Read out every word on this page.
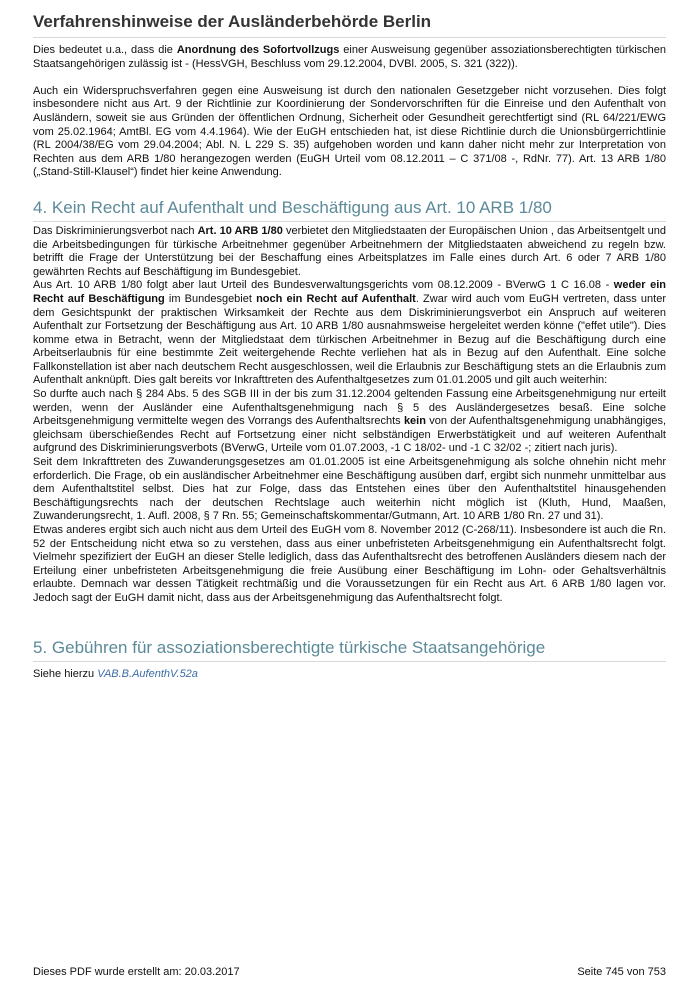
Verfahrenshinweise der Ausländerbehörde Berlin

Dies bedeutet u.a., dass die Anordnung des Sofortvollzugs einer Ausweisung gegenüber assoziationsberechtigten türkischen Staatsangehörigen zulässig ist - (HessVGH, Beschluss vom 29.12.2004, DVBl. 2005, S. 321 (322)).

Auch ein Widerspruchsverfahren gegen eine Ausweisung ist durch den nationalen Gesetzgeber nicht vorzusehen. Dies folgt insbesondere nicht aus Art. 9 der Richtlinie zur Koordinierung der Sondervorschriften für die Einreise und den Aufenthalt von Ausländern, soweit sie aus Gründen der öffentlichen Ordnung, Sicherheit oder Gesundheit gerechtfertigt sind (RL 64/221/EWG vom 25.02.1964; AmtBl. EG vom 4.4.1964). Wie der EuGH entschieden hat, ist diese Richtlinie durch die Unionsbürgerrichtlinie (RL 2004/38/EG vom 29.04.2004; Abl. N. L 229 S. 35) aufgehoben worden und kann daher nicht mehr zur Interpretation von Rechten aus dem ARB 1/80 herangezogen werden (EuGH Urteil vom 08.12.2011 – C 371/08 -, RdNr. 77). Art. 13 ARB 1/80 („Stand-Still-Klausel“) findet hier keine Anwendung.

4. Kein Recht auf Aufenthalt und Beschäftigung aus Art. 10 ARB 1/80

Das Diskriminierungsverbot nach Art. 10 ARB 1/80 verbietet den Mitgliedstaaten der Europäischen Union , das Arbeitsentgelt und die Arbeitsbedingungen für türkische Arbeitnehmer gegenüber Arbeitnehmern der Mitgliedstaaten abweichend zu regeln bzw. betrifft die Frage der Unterstützung bei der Beschaffung eines Arbeitsplatzes im Falle eines durch Art. 6 oder 7 ARB 1/80 gewährten Rechts auf Beschäftigung im Bundesgebiet.

Aus Art. 10 ARB 1/80 folgt aber laut Urteil des Bundesverwaltungsgerichts vom 08.12.2009 - BVerwG 1 C 16.08 - weder ein Recht auf Beschäftigung im Bundesgebiet noch ein Recht auf Aufenthalt. Zwar wird auch vom EuGH vertreten, dass unter dem Gesichtspunkt der praktischen Wirksamkeit der Rechte aus dem Diskriminierungsverbot ein Anspruch auf weiteren Aufenthalt zur Fortsetzung der Beschäftigung aus Art. 10 ARB 1/80 ausnahmsweise hergeleitet werden könne ("effet utile"). Dies komme etwa in Betracht, wenn der Mitgliedstaat dem türkischen Arbeitnehmer in Bezug auf die Beschäftigung durch eine Arbeitserlaubnis für eine bestimmte Zeit weitergehende Rechte verliehen hat als in Bezug auf den Aufenthalt. Eine solche Fallkonstellation ist aber nach deutschem Recht ausgeschlossen, weil die Erlaubnis zur Beschäftigung stets an die Erlaubnis zum Aufenthalt anknüpft. Dies galt bereits vor Inkrafttreten des Aufenthaltgesetzes zum 01.01.2005 und gilt auch weiterhin:

So durfte auch nach § 284 Abs. 5 des SGB III in der bis zum 31.12.2004 geltenden Fassung eine Arbeitsgenehmigung nur erteilt werden, wenn der Ausländer eine Aufenthaltsgenehmigung nach § 5 des Ausländergesetzes besaß. Eine solche Arbeitsgenehmigung vermittelte wegen des Vorrangs des Aufenthaltsrechts kein von der Aufenthaltsgenehmigung unabhängiges, gleichsam überschießendes Recht auf Fortsetzung einer nicht selbständigen Erwerbstätigkeit und auf weiteren Aufenthalt aufgrund des Diskriminierungsverbots (BVerwG, Urteile vom 01.07.2003, -1 C 18/02- und -1 C 32/02 -; zitiert nach juris).

Seit dem Inkrafttreten des Zuwanderungsgesetzes am 01.01.2005 ist eine Arbeitsgenehmigung als solche ohnehin nicht mehr erforderlich. Die Frage, ob ein ausländischer Arbeitnehmer eine Beschäftigung ausüben darf, ergibt sich nunmehr unmittelbar aus dem Aufenthaltstitel selbst. Dies hat zur Folge, dass das Entstehen eines über den Aufenthaltstitel hinausgehenden Beschäftigungsrechts nach der deutschen Rechtslage auch weiterhin nicht möglich ist (Kluth, Hund, Maaßen, Zuwanderungsrecht, 1. Aufl. 2008, § 7 Rn. 55; Gemeinschaftskommentar/Gutmann, Art. 10 ARB 1/80 Rn. 27 und 31).

Etwas anderes ergibt sich auch nicht aus dem Urteil des EuGH vom 8. November 2012 (C-268/11). Insbesondere ist auch die Rn. 52 der Entscheidung nicht etwa so zu verstehen, dass aus einer unbefristeten Arbeitsgenehmigung ein Aufenthaltsrecht folgt. Vielmehr spezifiziert der EuGH an dieser Stelle lediglich, dass das Aufenthaltsrecht des betroffenen Ausländers diesem nach der Erteilung einer unbefristeten Arbeitsgenehmigung die freie Ausübung einer Beschäftigung im Lohn- oder Gehaltsverhältnis erlaubte. Demnach war dessen Tätigkeit rechtmäßig und die Voraussetzungen für ein Recht aus Art. 6 ARB 1/80 lagen vor. Jedoch sagt der EuGH damit nicht, dass aus der Arbeitsgenehmigung das Aufenthaltsrecht folgt.

5. Gebühren für assoziationsberechtigte türkische Staatsangehörige

Siehe hierzu VAB.B.AufenthV.52a

Dieses PDF wurde erstellt am: 20.03.2017	Seite 745 von 753
